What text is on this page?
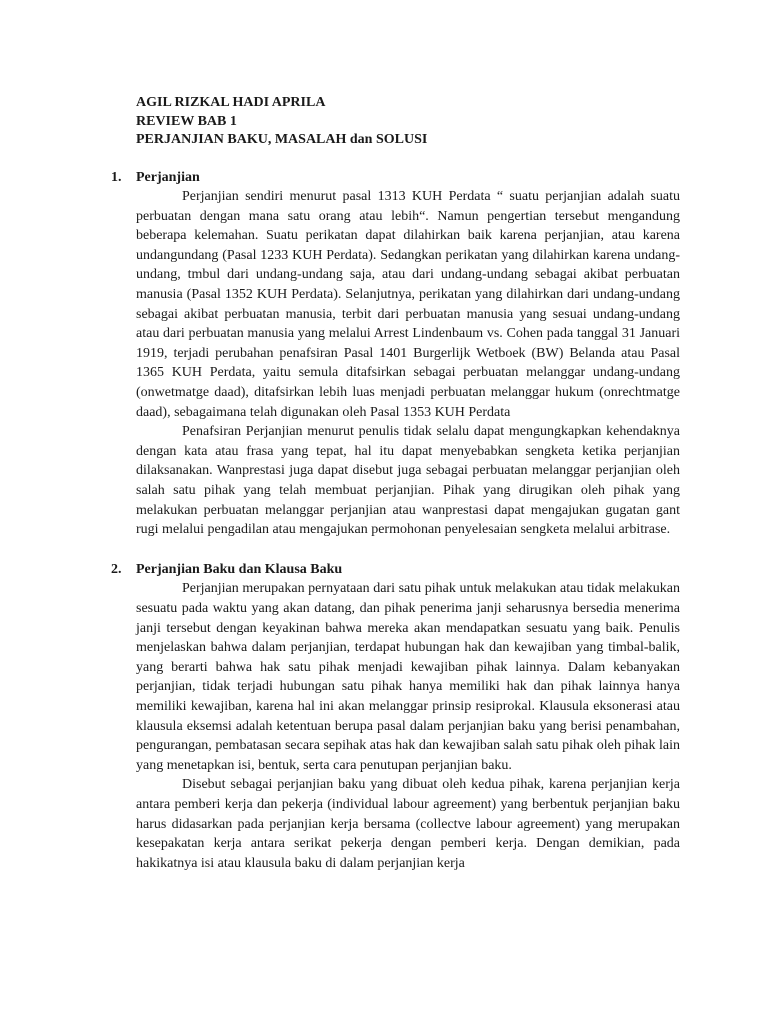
AGIL RIZKAL HADI APRILA

REVIEW BAB 1

PERJANJIAN BAKU, MASALAH dan SOLUSI

1. Perjanjian

Perjanjian sendiri menurut pasal 1313 KUH Perdata “ suatu perjanjian adalah suatu perbuatan dengan mana satu orang atau lebih“. Namun pengertian tersebut mengandung beberapa kelemahan. Suatu perikatan dapat dilahirkan baik karena perjanjian, atau karena undangundang (Pasal 1233 KUH Perdata). Sedangkan perikatan yang dilahirkan karena undang-undang, tmbul dari undang-undang saja, atau dari undang-undang sebagai akibat perbuatan manusia (Pasal 1352 KUH Perdata). Selanjutnya, perikatan yang dilahirkan dari undang-undang sebagai akibat perbuatan manusia, terbit dari perbuatan manusia yang sesuai undang-undang atau dari perbuatan manusia yang melalui Arrest Lindenbaum vs. Cohen pada tanggal 31 Januari 1919, terjadi perubahan penafsiran Pasal 1401 Burgerlijk Wetboek (BW) Belanda atau Pasal 1365 KUH Perdata, yaitu semula ditafsirkan sebagai perbuatan melanggar undang-undang (onwetmatge daad), ditafsirkan lebih luas menjadi perbuatan melanggar hukum (onrechtmatge daad), sebagaimana telah digunakan oleh Pasal 1353 KUH Perdata

Penafsiran Perjanjian menurut penulis tidak selalu dapat mengungkapkan kehendaknya dengan kata atau frasa yang tepat, hal itu dapat menyebabkan sengketa ketika perjanjian dilaksanakan. Wanprestasi juga dapat disebut juga sebagai perbuatan melanggar perjanjian oleh salah satu pihak yang telah membuat perjanjian. Pihak yang dirugikan oleh pihak yang melakukan perbuatan melanggar perjanjian atau wanprestasi dapat mengajukan gugatan gant rugi melalui pengadilan atau mengajukan permohonan penyelesaian sengketa melalui arbitrase.

2. Perjanjian Baku dan Klausa Baku

Perjanjian merupakan pernyataan dari satu pihak untuk melakukan atau tidak melakukan sesuatu pada waktu yang akan datang, dan pihak penerima janji seharusnya bersedia menerima janji tersebut dengan keyakinan bahwa mereka akan mendapatkan sesuatu yang baik. Penulis menjelaskan bahwa dalam perjanjian, terdapat hubungan hak dan kewajiban yang timbal-balik, yang berarti bahwa hak satu pihak menjadi kewajiban pihak lainnya. Dalam kebanyakan perjanjian, tidak terjadi hubungan satu pihak hanya memiliki hak dan pihak lainnya hanya memiliki kewajiban, karena hal ini akan melanggar prinsip resiprokal. Klausula eksonerasi atau klausula eksemsi adalah ketentuan berupa pasal dalam perjanjian baku yang berisi penambahan, pengurangan, pembatasan secara sepihak atas hak dan kewajiban salah satu pihak oleh pihak lain yang menetapkan isi, bentuk, serta cara penutupan perjanjian baku.

Disebut sebagai perjanjian baku yang dibuat oleh kedua pihak, karena perjanjian kerja antara pemberi kerja dan pekerja (individual labour agreement) yang berbentuk perjanjian baku harus didasarkan pada perjanjian kerja bersama (collectve labour agreement) yang merupakan kesepakatan kerja antara serikat pekerja dengan pemberi kerja. Dengan demikian, pada hakikatnya isi atau klausula baku di dalam perjanjian kerja
